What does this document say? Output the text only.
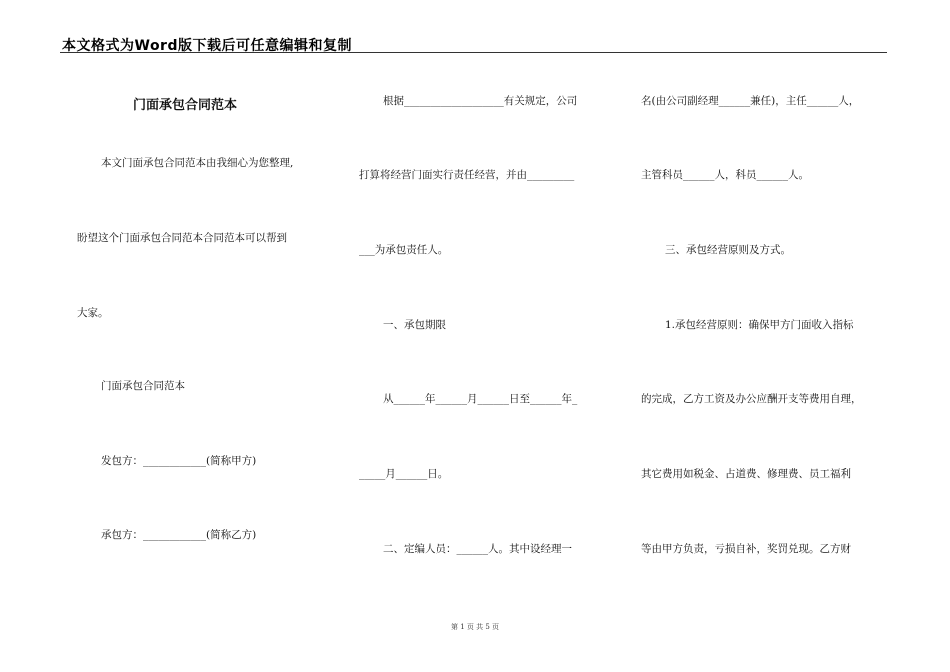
本文格式为Word版下载后可任意编辑和复制
门面承包合同范本
本文门面承包合同范本由我细心为您整理,
盼望这个门面承包合同范本合同范本可以帮到
大家。
门面承包合同范本
发包方：____________(简称甲方)
承包方：____________(简称乙方)
根据___________________有关规定，公司
打算将经营门面实行责任经营，并由_________
___为承包责任人。
一、承包期限
从______年______月______日至______年_
_____月______日。
二、定编人员：______人。其中设经理一
名(由公司副经理______兼任)，主任______人，
主管科员______人，科员______人。
三、承包经营原则及方式。
1.承包经营原则：确保甲方门面收入指标
的完成，乙方工资及办公应酬开支等费用自理，
其它费用如税金、占道费、修理费、员工福利
等由甲方负责，亏损自补，奖罚兑现。乙方财
第 1 页 共 5 页
